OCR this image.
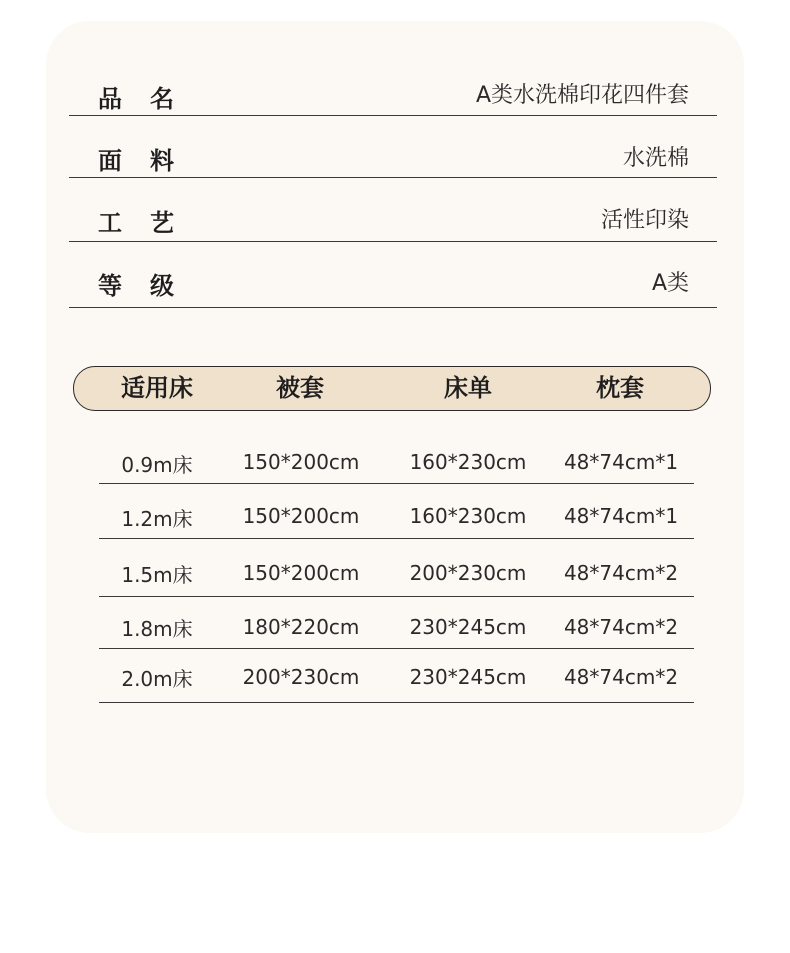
品 名	A类水洗棉印花四件套
面 料	水洗棉
工 艺	活性印染
等 级	A类
适用床	被套	床单	枕套
0.9m床	150*200cm	160*230cm	48*74cm*1
1.2m床	150*200cm	160*230cm	48*74cm*1
1.5m床	150*200cm	200*230cm	48*74cm*2
1.8m床	180*220cm	230*245cm	48*74cm*2
2.0m床	200*230cm	230*245cm	48*74cm*2
